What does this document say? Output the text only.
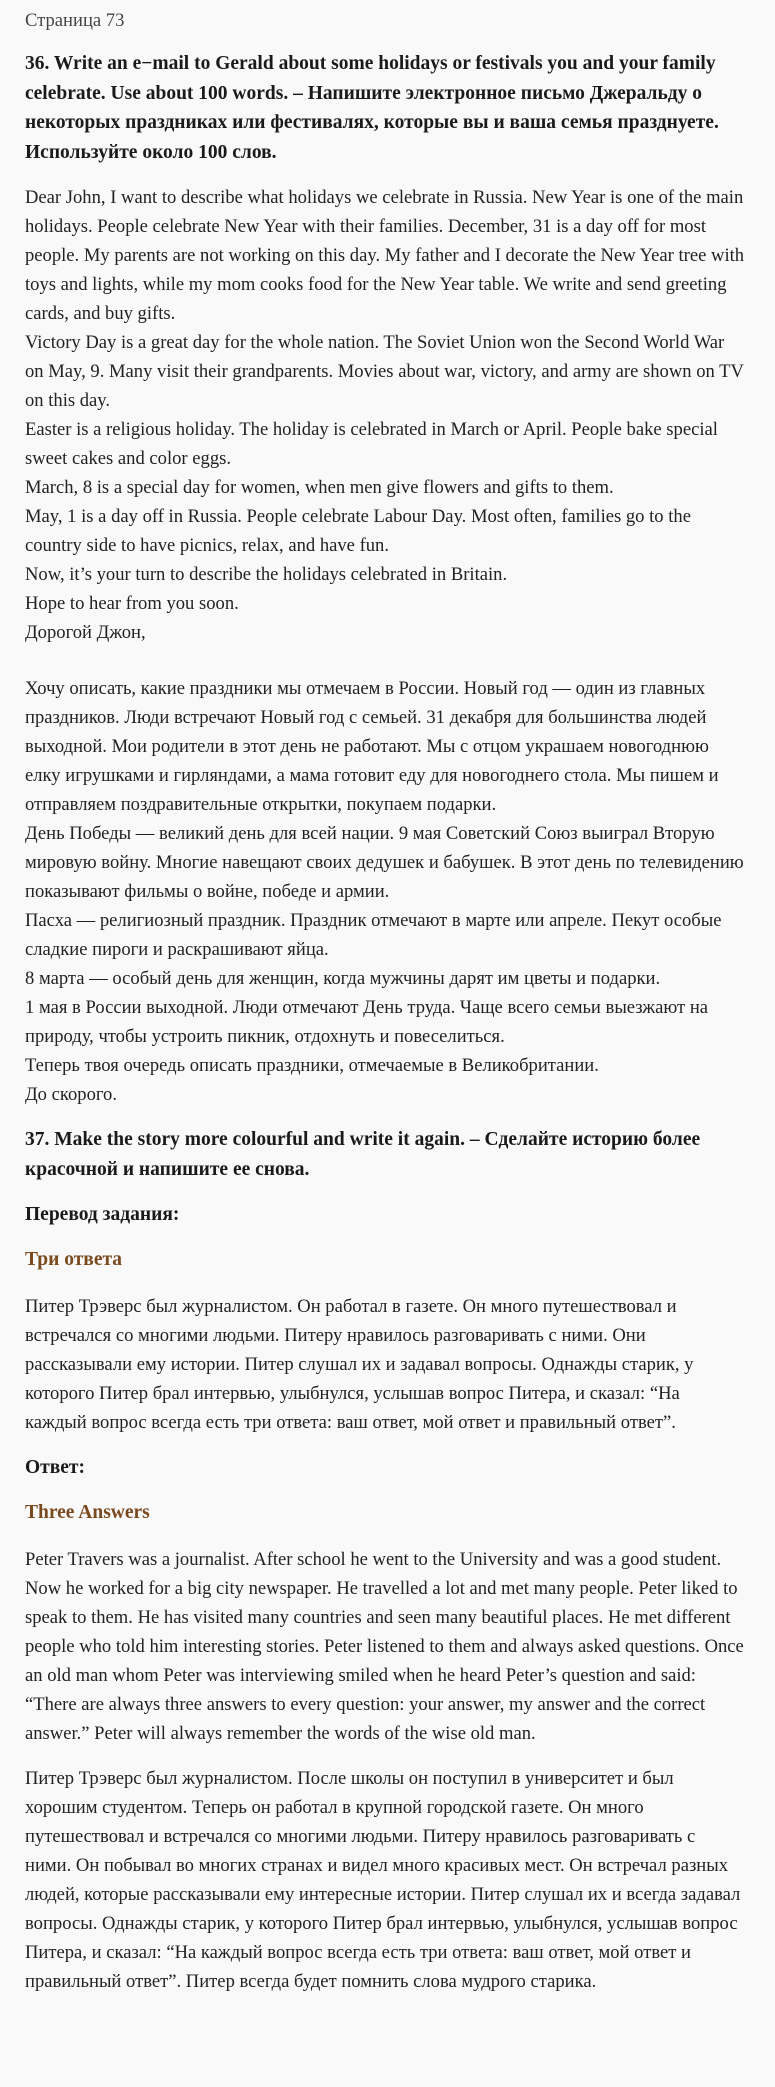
Страница 73
36. Write an e−mail to Gerald about some holidays or festivals you and your family celebrate. Use about 100 words. – Напишите электронное письмо Джеральду о некоторых праздниках или фестивалях, которые вы и ваша семья празднуете. Используйте около 100 слов.

Dear John, I want to describe what holidays we celebrate in Russia. New Year is one of the main holidays. People celebrate New Year with their families. December, 31 is a day off for most people. My parents are not working on this day. My father and I decorate the New Year tree with toys and lights, while my mom cooks food for the New Year table. We write and send greeting cards, and buy gifts.

Victory Day is a great day for the whole nation. The Soviet Union won the Second World War on May, 9. Many visit their grandparents. Movies about war, victory, and army are shown on TV on this day.

Easter is a religious holiday. The holiday is celebrated in March or April. People bake special sweet cakes and color eggs.

March, 8 is a special day for women, when men give flowers and gifts to them.

May, 1 is a day off in Russia. People celebrate Labour Day. Most often, families go to the country side to have picnics, relax, and have fun.

Now, it’s your turn to describe the holidays celebrated in Britain.

Hope to hear from you soon.

Дорогой Джон,

Хочу описать, какие праздники мы отмечаем в России. Новый год — один из главных праздников. Люди встречают Новый год с семьей. 31 декабря для большинства людей выходной. Мои родители в этот день не работают. Мы с отцом украшаем новогоднюю елку игрушками и гирляндами, а мама готовит еду для новогоднего стола. Мы пишем и отправляем поздравительные открытки, покупаем подарки.

День Победы — великий день для всей нации. 9 мая Советский Союз выиграл Вторую мировую войну. Многие навещают своих дедушек и бабушек. В этот день по телевидению показывают фильмы о войне, победе и армии.

Пасха — религиозный праздник. Праздник отмечают в марте или апреле. Пекут особые сладкие пироги и раскрашивают яйца.

8 марта — особый день для женщин, когда мужчины дарят им цветы и подарки.

1 мая в России выходной. Люди отмечают День труда. Чаще всего семьи выезжают на природу, чтобы устроить пикник, отдохнуть и повеселиться.

Теперь твоя очередь описать праздники, отмечаемые в Великобритании.

До скорого.

37. Make the story more colourful and write it again. – Сделайте историю более красочной и напишите ее снова.
Перевод задания:
Три ответа

Питер Трэверс был журналистом. Он работал в газете. Он много путешествовал и встречался со многими людьми. Питеру нравилось разговаривать с ними. Они рассказывали ему истории. Питер слушал их и задавал вопросы. Однажды старик, у которого Питер брал интервью, улыбнулся, услышав вопрос Питера, и сказал: “На каждый вопрос всегда есть три ответа: ваш ответ, мой ответ и правильный ответ”.

Ответ:
Three Answers

Peter Travers was a journalist. After school he went to the University and was a good student. Now he worked for a big city newspaper. He travelled a lot and met many people. Peter liked to speak to them. He has visited many countries and seen many beautiful places. He met different people who told him interesting stories. Peter listened to them and always asked questions. Once an old man whom Peter was interviewing smiled when he heard Peter’s question and said: “There are always three answers to every question: your answer, my answer and the correct answer.” Peter will always remember the words of the wise old man.

Питер Трэверс был журналистом. После школы он поступил в университет и был хорошим студентом. Теперь он работал в крупной городской газете. Он много путешествовал и встречался со многими людьми. Питеру нравилось разговаривать с ними. Он побывал во многих странах и видел много красивых мест. Он встречал разных людей, которые рассказывали ему интересные истории. Питер слушал их и всегда задавал вопросы. Однажды старик, у которого Питер брал интервью, улыбнулся, услышав вопрос Питера, и сказал: “На каждый вопрос всегда есть три ответа: ваш ответ, мой ответ и правильный ответ”. Питер всегда будет помнить слова мудрого старика.
